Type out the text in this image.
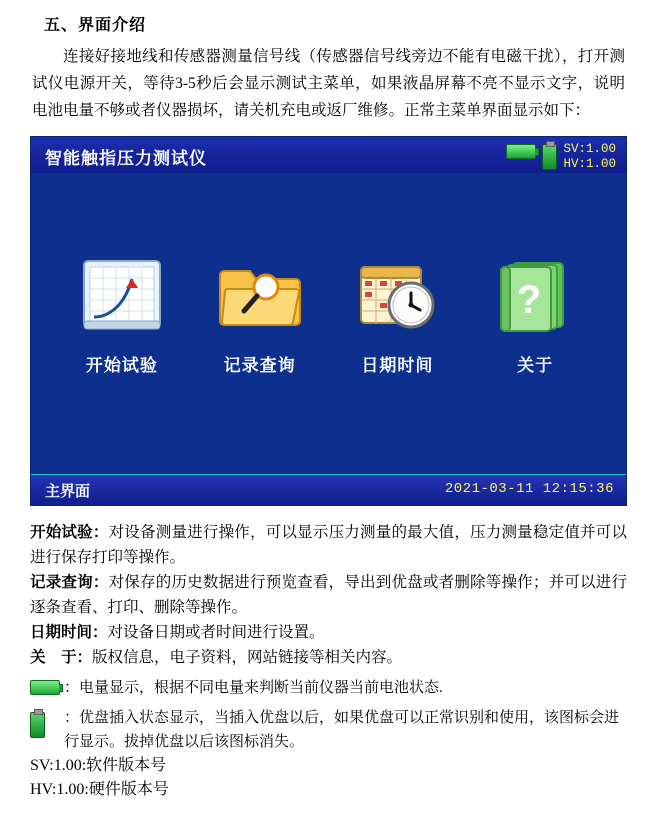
五、界面介绍

连接好接地线和传感器测量信号线（传感器信号线旁边不能有电磁干扰），打开测试仪电源开关，等待3-5秒后会显示测试主菜单，如果液晶屏幕不亮不显示文字，说明电池电量不够或者仪器损坏，请关机充电或返厂维修。正常主菜单界面显示如下：

智能触指压力测试仪	SV:1.00
HV:1.00
开始试验	记录查询	日期时间
?
关于
主界面	2021-03-11 12:15:36
开始试验：对设备测量进行操作，可以显示压力测量的最大值，压力测量稳定值并可以进行保存打印等操作。
记录查询：对保存的历史数据进行预览查看，导出到优盘或者删除等操作；并可以进行逐条查看、打印、删除等操作。
日期时间：对设备日期或者时间进行设置。
关　于：版权信息，电子资料，网站链接等相关内容。
：电量显示，根据不同电量来判断当前仪器当前电池状态.
：优盘插入状态显示，当插入优盘以后，如果优盘可以正常识别和使用，该图标会进行显示。拔掉优盘以后该图标消失。
SV:1.00:软件版本号
HV:1.00:硬件版本号
